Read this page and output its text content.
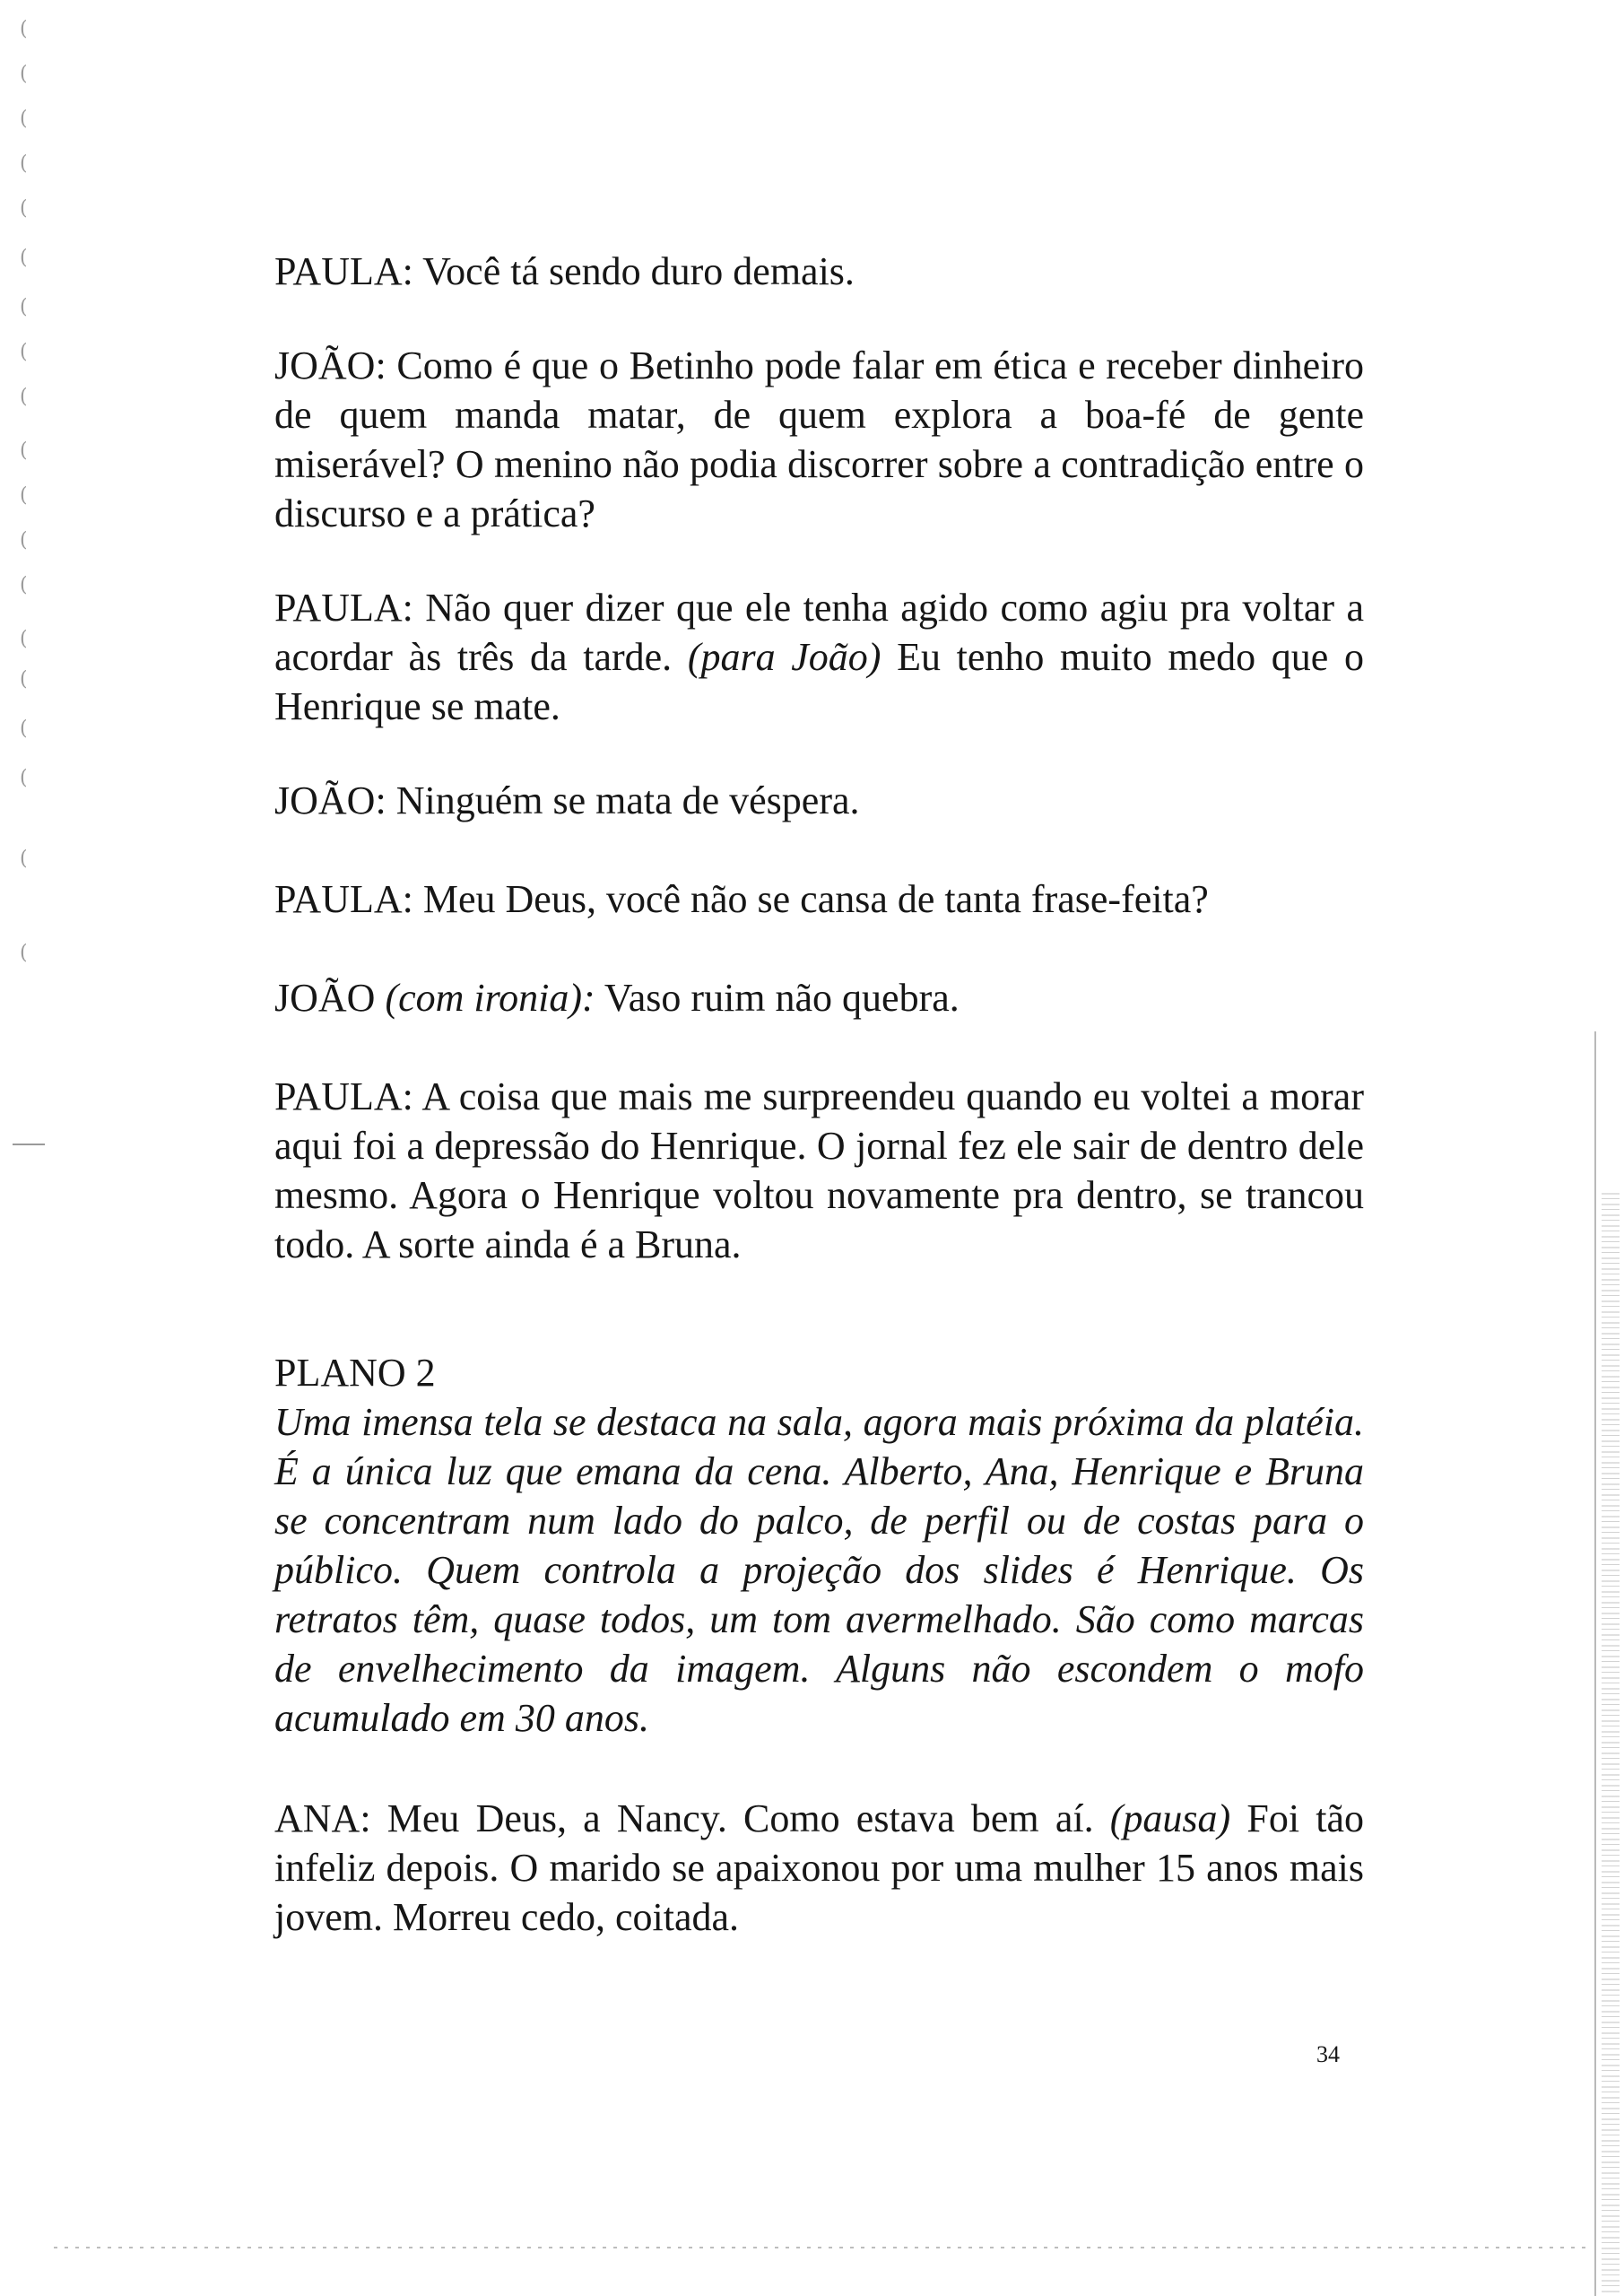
(
(
(
(
(
(
(
(
(
(
(
(
(
(
(
(
(
(
(

PAULA: Você tá sendo duro demais.

JOÃO: Como é que o Betinho pode falar em ética e receber dinheiro de quem manda matar, de quem explora a boa-fé de gente miserável? O menino não podia discorrer sobre a contradição entre o discurso e a prática?

PAULA: Não quer dizer que ele tenha agido como agiu pra voltar a acordar às três da tarde. (para João) Eu tenho muito medo que o Henrique se mate.

JOÃO: Ninguém se mata de véspera.

PAULA: Meu Deus, você não se cansa de tanta frase-feita?

JOÃO (com ironia): Vaso ruim não quebra.

PAULA: A coisa que mais me surpreendeu quando eu voltei a morar aqui foi a depressão do Henrique. O jornal fez ele sair de dentro dele mesmo. Agora o Henrique voltou novamente pra dentro, se trancou todo. A sorte ainda é a Bruna.

PLANO 2

Uma imensa tela se destaca na sala, agora mais próxima da platéia. É a única luz que emana da cena. Alberto, Ana, Henrique e Bruna se concentram num lado do palco, de perfil ou de costas para o público. Quem controla a projeção dos slides é Henrique. Os retratos têm, quase todos, um tom avermelhado. São como marcas de envelhecimento da imagem. Alguns não escondem o mofo acumulado em 30 anos.

ANA: Meu Deus, a Nancy. Como estava bem aí. (pausa) Foi tão infeliz depois. O marido se apaixonou por uma mulher 15 anos mais jovem. Morreu cedo, coitada.

34
